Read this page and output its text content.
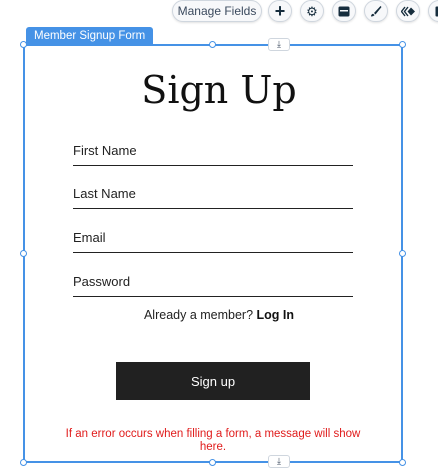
Manage Fields	+ ⚙
Member Signup Form
⤓
⤓
Sign Up
First Name
Last Name
Email
Password
Already a member? Log In
Sign up
If an error occurs when filling a form, a message will show here.
